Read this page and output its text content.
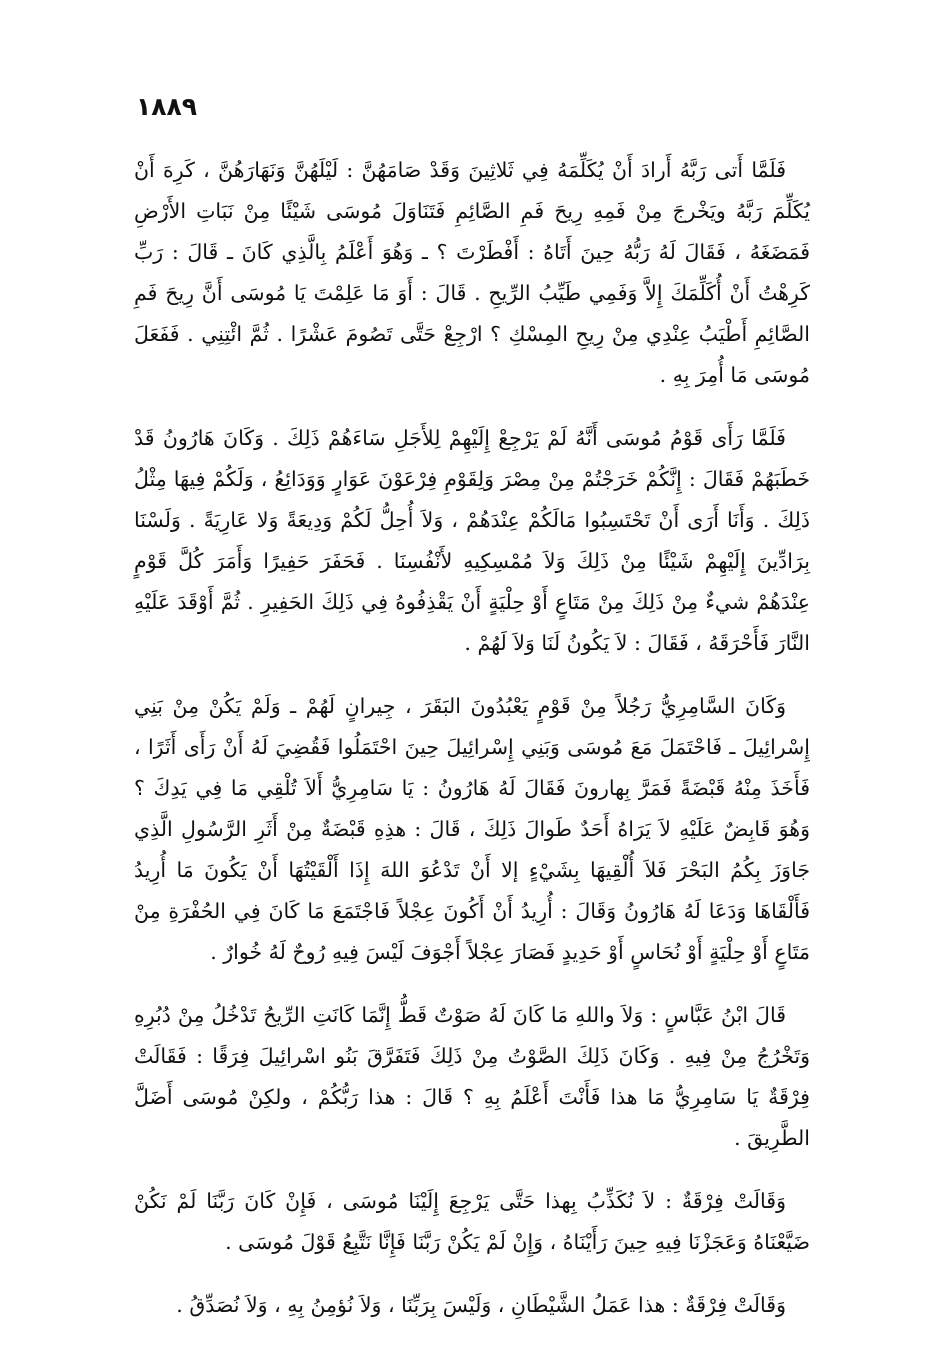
١٨٨٩

فَلَمَّا أَتى رَبَّهُ أَرادَ أَنْ يُكَلِّمَهُ فِي ثَلاثِينَ وَقَدْ صَامَهُنَّ : لَيْلَهُنَّ وَنَهَارَهُنَّ ، كَرِهَ أَنْ يُكَلِّمَ رَبَّهُ ويَخْرجَ مِنْ فَمِهِ رِيحَ فَمِ الصَّائِمِ فَتَنَاوَلَ مُوسَى شَيْئًا مِنْ نَبَاتِ الأَرْضِ فَمَضَغَهُ ، فَقَالَ لَهُ رَبُّهُ حِينَ أَتَاهُ : أَفْطَرْتَ ؟ ـ وَهُوَ أَعْلَمُ بِالَّذِي كَانَ ـ قَالَ : رَبِّ كَرِهْتُ أَنْ أُكَلِّمَكَ إِلاَّ وَفَمِي طَيِّبُ الرِّيحِ . قَالَ : أَوَ مَا عَلِمْتَ يَا مُوسَى أَنَّ رِيحَ فَمِ الصَّائِمِ أَطْيَبُ عِنْدِي مِنْ رِيحِ المِسْكِ ؟ ارْجِعْ حَتَّى تَصُومَ عَشْرًا . ثُمَّ ائْتِنِي . فَفَعَلَ مُوسَى مَا أُمِرَ بِهِ .

فَلَمَّا رَأَى قَوْمُ مُوسَى أَنَّهُ لَمْ يَرْجِعْ إِلَيْهِمْ لِلأَجَلِ سَاءَهُمْ ذَلِكَ . وَكَانَ هَارُونُ قَدْ خَطَبَهُمْ فَقَالَ : إِنَّكُمْ خَرَجْتُمْ مِنْ مِصْرَ وَلِقَوْمِ فِرْعَوْنَ عَوَارٍ وَوَدَائِعُ ، وَلَكُمْ فِيهَا مِثْلُ ذَلِكَ . وَأَنَا أَرَى أَنْ تَحْتَسِبُوا مَالَكُمْ عِنْدَهُمْ ، وَلاَ أُحِلُّ لَكُمْ وَدِيعَةً وَلا عَارِيَةً . وَلَسْنَا بِرَادِّينَ إِلَيْهِمْ شَيْئًا مِنْ ذَلِكَ وَلاَ مُمْسِكِيهِ لأَنْفُسِنَا . فَحَفَرَ حَفِيرًا وَأَمَرَ كُلَّ قَوْمٍ عِنْدَهُمْ شيءٌ مِنْ ذَلِكَ مِنْ مَتَاعٍ أَوْ حِلْيَةٍ أَنْ يَقْذِفُوهُ فِي ذَلِكَ الحَفِيرِ . ثُمَّ أَوْقَدَ عَلَيْهِ النَّارَ فَأَحْرَقَهُ ، فَقَالَ : لاَ يَكُونُ لَنَا وَلاَ لَهُمْ .

وَكَانَ السَّامِرِيُّ رَجُلاً مِنْ قَوْمٍ يَعْبُدُونَ البَقَرَ ، جِيرانٍ لَهُمْ ـ وَلَمْ يَكُنْ مِنْ بَنِي إِسْرائِيلَ ـ فَاحْتَمَلَ مَعَ مُوسَى وَبَنِي إِسْرائِيلَ حِينَ احْتَمَلُوا فَقُضِيَ لَهُ أَنْ رَأَى أَثَرًا ، فَأَخَذَ مِنْهُ قَبْضَةً فَمَرَّ بِهارونَ فَقَالَ لَهُ هَارُونُ : يَا سَامِرِيُّ أَلاَ تُلْقِي مَا فِي يَدِكَ ؟ وَهُوَ قَابِضٌ عَلَيْهِ لاَ يَرَاهُ أَحَدٌ طَوالَ ذَلِكَ ، قَالَ : هذِهِ قَبْضَةٌ مِنْ أَثَرِ الرَّسُولِ الَّذِي جَاوَزَ بِكُمُ البَحْرَ فَلاَ أُلْقِيهَا بِشَيْءٍ إلا أَنْ تَدْعُوَ اللهَ إِذَا أَلْقَيْتُهَا أَنْ يَكُونَ مَا أُرِيدُ فَأَلْقَاهَا وَدَعَا لَهُ هَارُونُ وَقَالَ : أُرِيدُ أَنْ أَكُونَ عِجْلاً فَاجْتَمَعَ مَا كَانَ فِي الحُفْرَةِ مِنْ مَتَاعٍ أَوْ حِلْيَةٍ أَوْ نُحَاسٍ أَوْ حَدِيدٍ فَصَارَ عِجْلاً أَجْوَفَ لَيْسَ فِيهِ رُوحٌ لَهُ خُوارٌ .

قَالَ ابْنُ عَبَّاسٍ : وَلاَ واللهِ مَا كَانَ لَهُ صَوْتٌ قَطُّ إِنَّمَا كَانَتِ الرِّيحُ تَدْخُلُ مِنْ دُبُرِهِ وَتَخْرُجُ مِنْ فِيهِ . وَكَانَ ذَلِكَ الصَّوْتُ مِنْ ذَلِكَ فَتَفَرَّقَ بَنُو اسْرائِيلَ فِرَقًا : فَقَالَتْ فِرْقَةٌ يَا سَامِرِيُّ مَا هذا فَأَنْتَ أَعْلَمُ بِهِ ؟ قَالَ : هذا رَبُّكُمْ ، ولكِنْ مُوسَى أَضَلَّ الطَّرِيقَ .

وَقَالَتْ فِرْقَةٌ : لاَ نُكَذِّبُ بِهذا حَتَّى يَرْجِعَ إِلَيْنَا مُوسَى ، فَإِنْ كَانَ رَبَّنَا لَمْ نَكُنْ ضَيَّعْنَاهُ وَعَجَزْنَا فِيهِ حِينَ رَأَيْنَاهُ ، وَإِنْ لَمْ يَكُنْ رَبَّنَا فَإِنَّا نَتَّبِعُ قَوْلَ مُوسَى .

وَقَالَتْ فِرْقَةٌ : هذا عَمَلُ الشَّيْطَانِ ، وَلَيْسَ بِرَبِّنَا ، وَلاَ نُؤمِنُ بِهِ ، وَلاَ نُصَدِّقُ .
